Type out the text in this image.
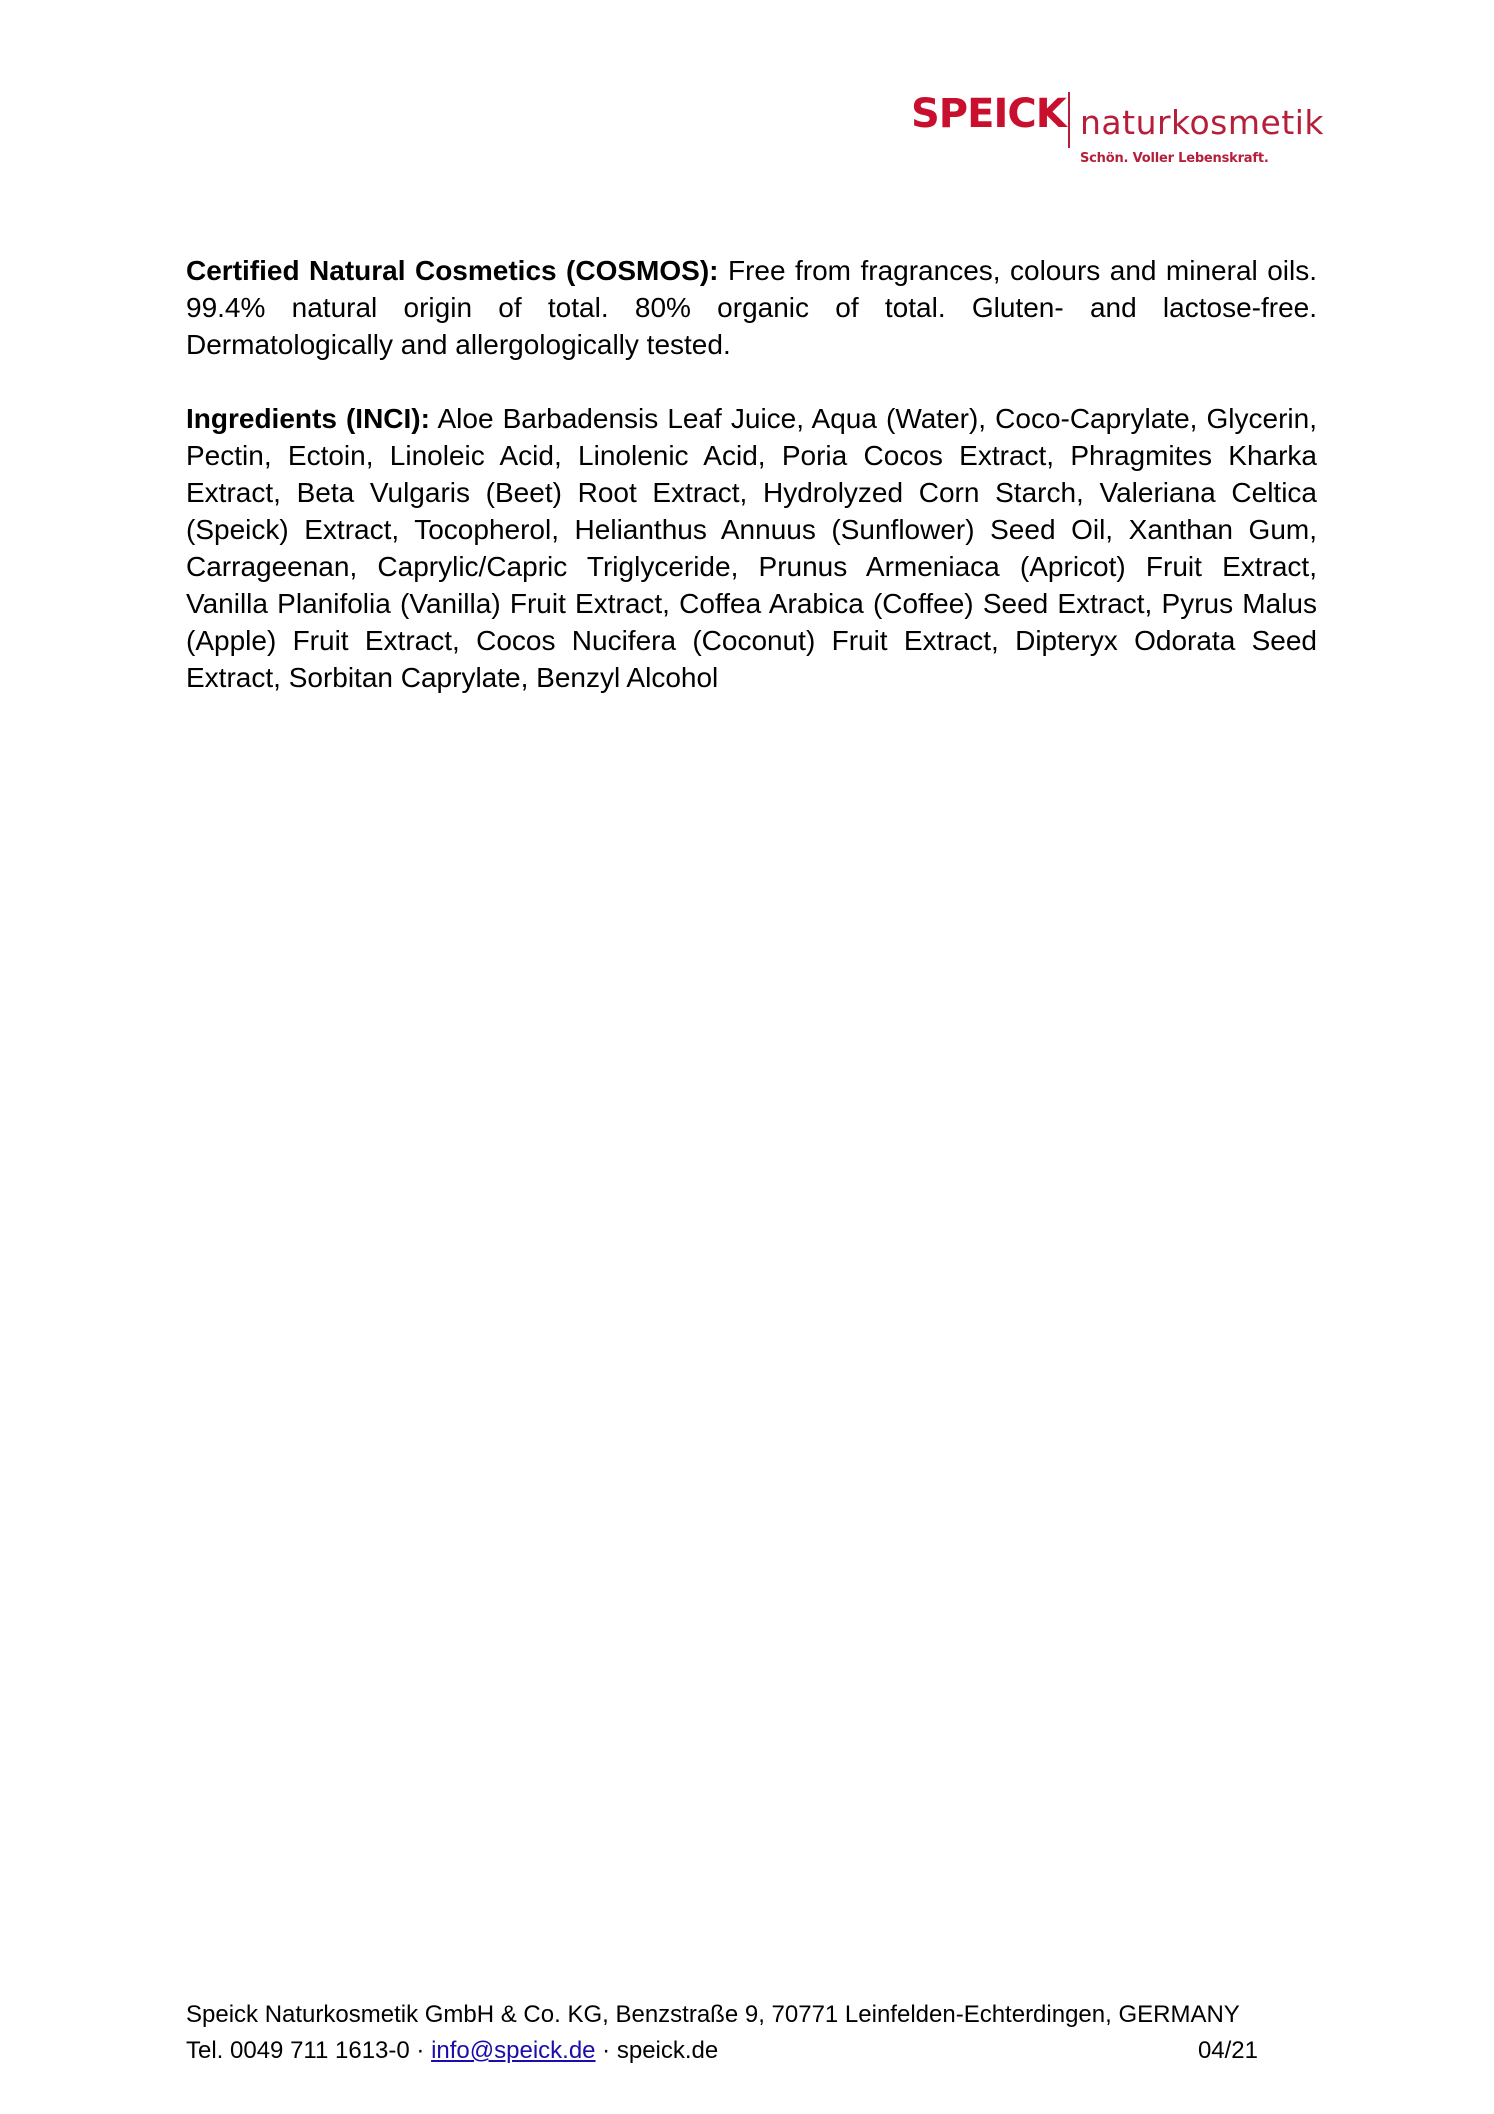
SPEICK naturkosmetik
Schön. Voller Lebenskraft.

Certified Natural Cosmetics (COSMOS): Free from fragrances, colours and mineral oils. 99.4% natural origin of total. 80% organic of total. Gluten- and lactose-free. Dermatologically and allergologically tested.

Ingredients (INCI): Aloe Barbadensis Leaf Juice, Aqua (Water), Coco-Caprylate, Glycerin, Pectin, Ectoin, Linoleic Acid, Linolenic Acid, Poria Cocos Extract, Phragmites Kharka Extract, Beta Vulgaris (Beet) Root Extract, Hydrolyzed Corn Starch, Valeriana Celtica (Speick) Extract, Tocopherol, Helianthus Annuus (Sunflower) Seed Oil, Xanthan Gum, Carrageenan, Caprylic/Capric Triglyceride, Prunus Armeniaca (Apricot) Fruit Extract, Vanilla Planifolia (Vanilla) Fruit Extract, Coffea Arabica (Coffee) Seed Extract, Pyrus Malus (Apple) Fruit Extract, Cocos Nucifera (Coconut) Fruit Extract, Dipteryx Odorata Seed Extract, Sorbitan Caprylate, Benzyl Alcohol

Speick Naturkosmetik GmbH & Co. KG, Benzstraße 9, 70771 Leinfelden-Echterdingen, GERMANY
Tel. 0049 711 1613-0 · info@speick.de · speick.de	04/21
